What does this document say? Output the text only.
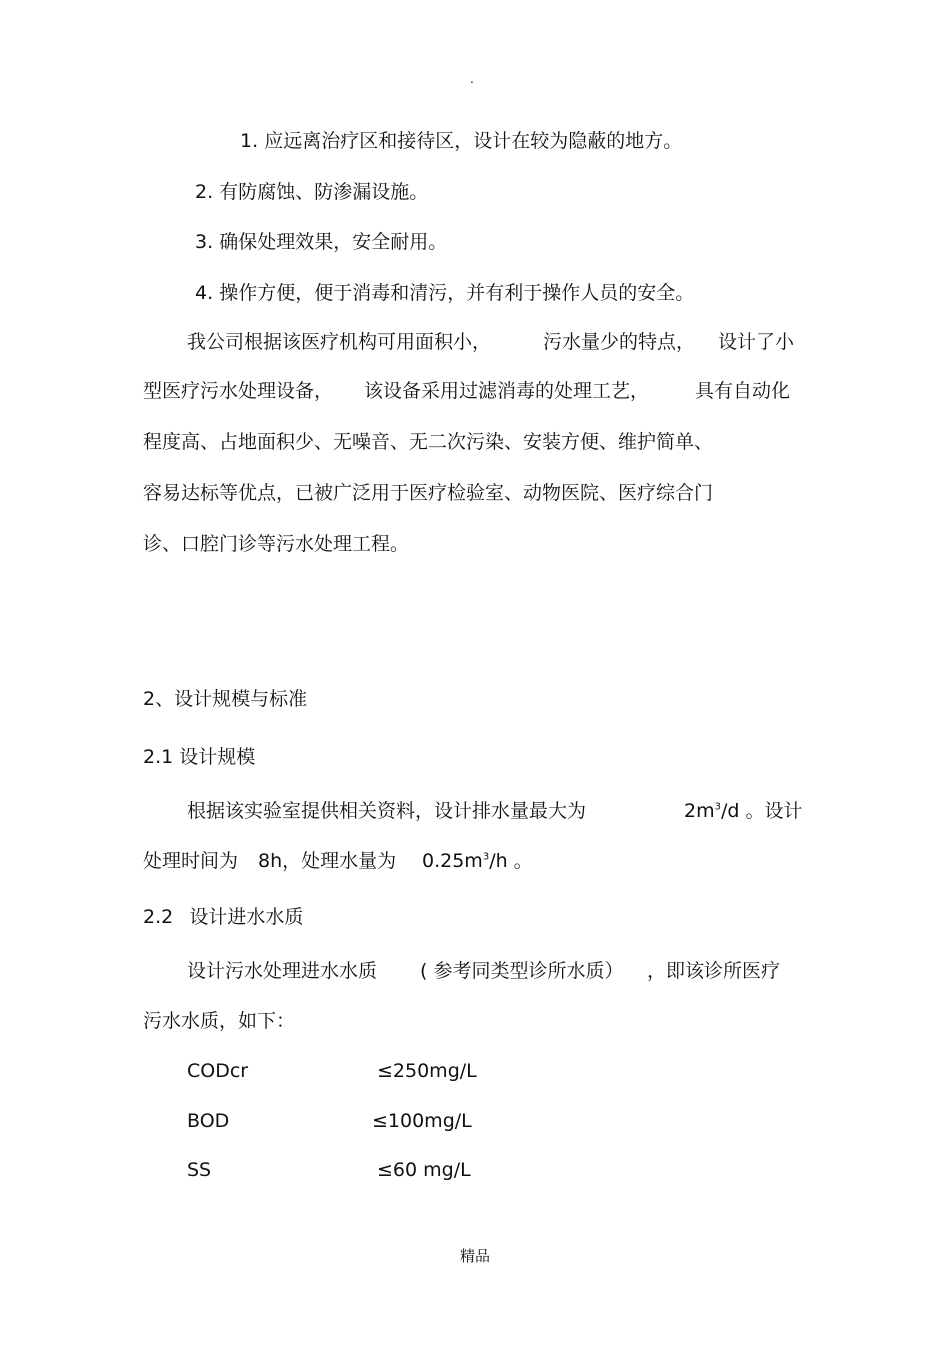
.
1. 应远离治疗区和接待区，设计在较为隐蔽的地方。
2. 有防腐蚀、防渗漏设施。
3. 确保处理效果，安全耐用。
4. 操作方便，便于消毒和清污，并有利于操作人员的安全。
我公司根据该医疗机构可用面积小，	污水量少的特点， 设计了小
型医疗污水处理设备， 该设备采用过滤消毒的处理工艺， 具有自动化
程度高、占地面积少、无噪音、无二次污染、安装方便、维护简单、
容易达标等优点，已被广泛用于医疗检验室、动物医院、医疗综合门
诊、口腔门诊等污水处理工程。
2、设计规模与标准
2.1 设计规模
根据该实验室提供相关资料，设计排水量最大为	$2m^3/d$ 。设计
处理时间为 8h，处理水量为 $0.25m^3/h$ 。
2.2 设计进水水质
设计污水处理进水水质 ( 参考同类型诊所水质） ，即该诊所医疗
污水水质，如下：
CODcr	≤250mg/L
BOD	≤100mg/L
SS	≤60 mg/L
精品
